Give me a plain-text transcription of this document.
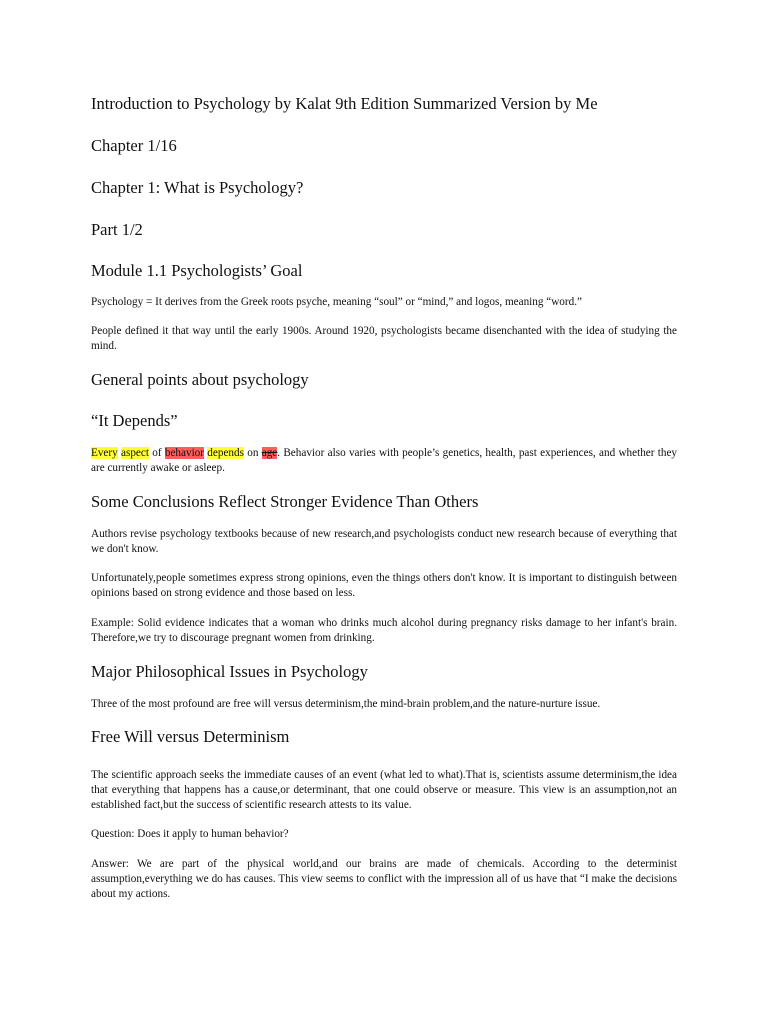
Introduction to Psychology by Kalat 9th Edition Summarized Version by Me
Chapter 1/16
Chapter 1: What is Psychology?
Part 1/2
Module 1.1 Psychologists’ Goal

Psychology = It derives from the Greek roots psyche, meaning “soul” or “mind,” and logos, meaning “word.”

People defined it that way until the early 1900s. Around 1920, psychologists became disenchanted with the idea of studying the mind.

General points about psychology
“It Depends”

Every aspect of behavior depends on age. Behavior also varies with people’s genetics, health, past experiences, and whether they are currently awake or asleep.

Some Conclusions Reflect Stronger Evidence Than Others

Authors revise psychology textbooks because of new research,and psychologists conduct new research because of everything that we don't know.

Unfortunately,people sometimes express strong opinions, even the things others don't know. It is important to distinguish between opinions based on strong evidence and those based on less.

Example: Solid evidence indicates that a woman who drinks much alcohol during pregnancy risks damage to her infant's brain. Therefore,we try to discourage pregnant women from drinking.

Major Philosophical Issues in Psychology

Three of the most profound are free will versus determinism,the mind-brain problem,and the nature-nurture issue.

Free Will versus Determinism

The scientific approach seeks the immediate causes of an event (what led to what).That is, scientists assume determinism,the idea that everything that happens has a cause,or determinant, that one could observe or measure. This view is an assumption,not an established fact,but the success of scientific research attests to its value.

Question: Does it apply to human behavior?

Answer: We are part of the physical world,and our brains are made of chemicals. According to the determinist assumption,everything we do has causes. This view seems to conflict with the impression all of us have that “I make the decisions about my actions.
